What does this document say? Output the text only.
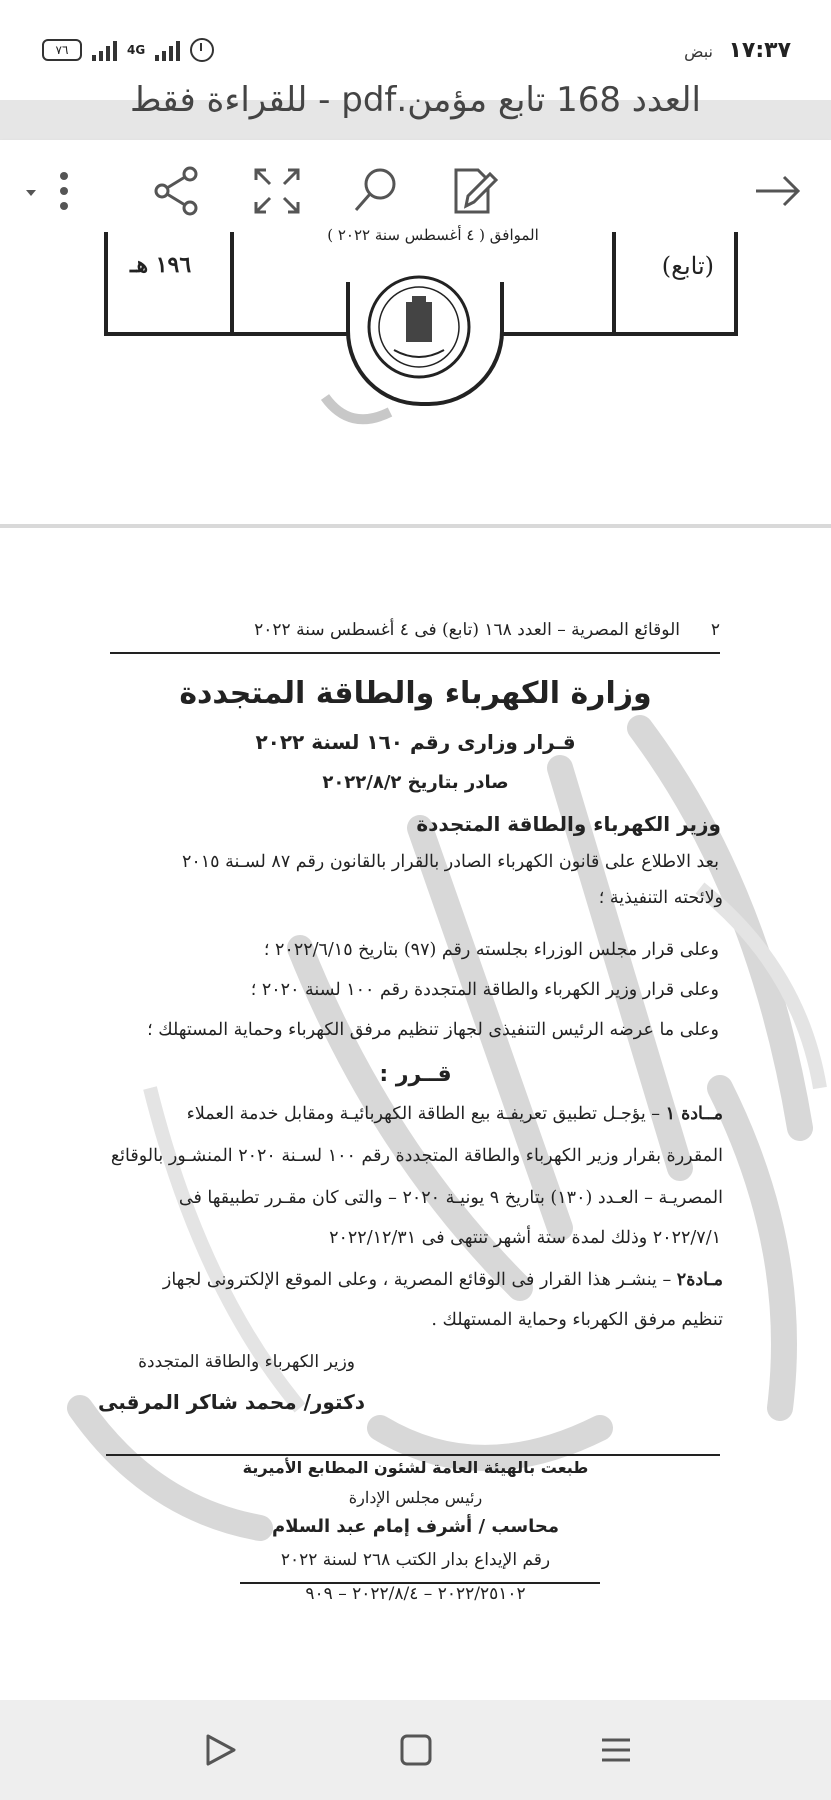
٧٦	4G	نبض ١٧:٣٧
العدد 168 تابع مؤمن.pdf - للقراءة فقط
(تابع)
١٩٦ هـ
الموافق ( ٤ أغسطس سنة ٢٠٢٢ )
٢
الوقائع المصرية – العدد ١٦٨ (تابع) فى ٤ أغسطس سنة ٢٠٢٢

وزارة الكهرباء والطاقة المتجددة
قـرار وزارى رقم ١٦٠ لسنة ٢٠٢٢
صادر بتاريخ ٢٠٢٢/٨/٢
وزير الكهرباء والطاقة المتجددة
بعد الاطلاع على قانون الكهرباء الصادر بالقرار بالقانون رقم ٨٧ لسـنة ٢٠١٥
ولائحته التنفيذية ؛
وعلى قرار مجلس الوزراء بجلسته رقم (٩٧) بتاريخ ٢٠٢٢/٦/١٥ ؛
وعلى قرار وزير الكهرباء والطاقة المتجددة رقم ١٠٠ لسنة ٢٠٢٠ ؛
وعلى ما عرضه الرئيس التنفيذى لجهاز تنظيم مرفق الكهرباء وحماية المستهلك ؛
قــرر :
مــادة ١ – يؤجـل تطبيق تعريفـة بيع الطاقة الكهربائيـة ومقابل خدمة العملاء
المقررة بقرار وزير الكهرباء والطاقة المتجددة رقم ١٠٠ لسـنة ٢٠٢٠ المنشـور بالوقائع
المصريـة – العـدد (١٣٠) بتاريخ ٩ يونيـة ٢٠٢٠ – والتى كان مقـرر تطبيقها فى
٢٠٢٢/٧/١ وذلك لمدة ستة أشهر تنتهى فى ٢٠٢٢/١٢/٣١
مـادة٢ – ينشـر هذا القرار فى الوقائع المصرية ، وعلى الموقع الإلكترونى لجهاز
تنظيم مرفق الكهرباء وحماية المستهلك .
وزير الكهرباء والطاقة المتجددة
دكتور/ محمد شاكر المرقبى
طبعت بالهيئة العامة لشئون المطابع الأميرية
رئيس مجلس الإدارة
محاسب / أشرف إمام عبد السلام
رقم الإيداع بدار الكتب ٢٦٨ لسنة ٢٠٢٢
٢٠٢٢/٢٥١٠٢ – ٢٠٢٢/٨/٤ – ٩٠٩
